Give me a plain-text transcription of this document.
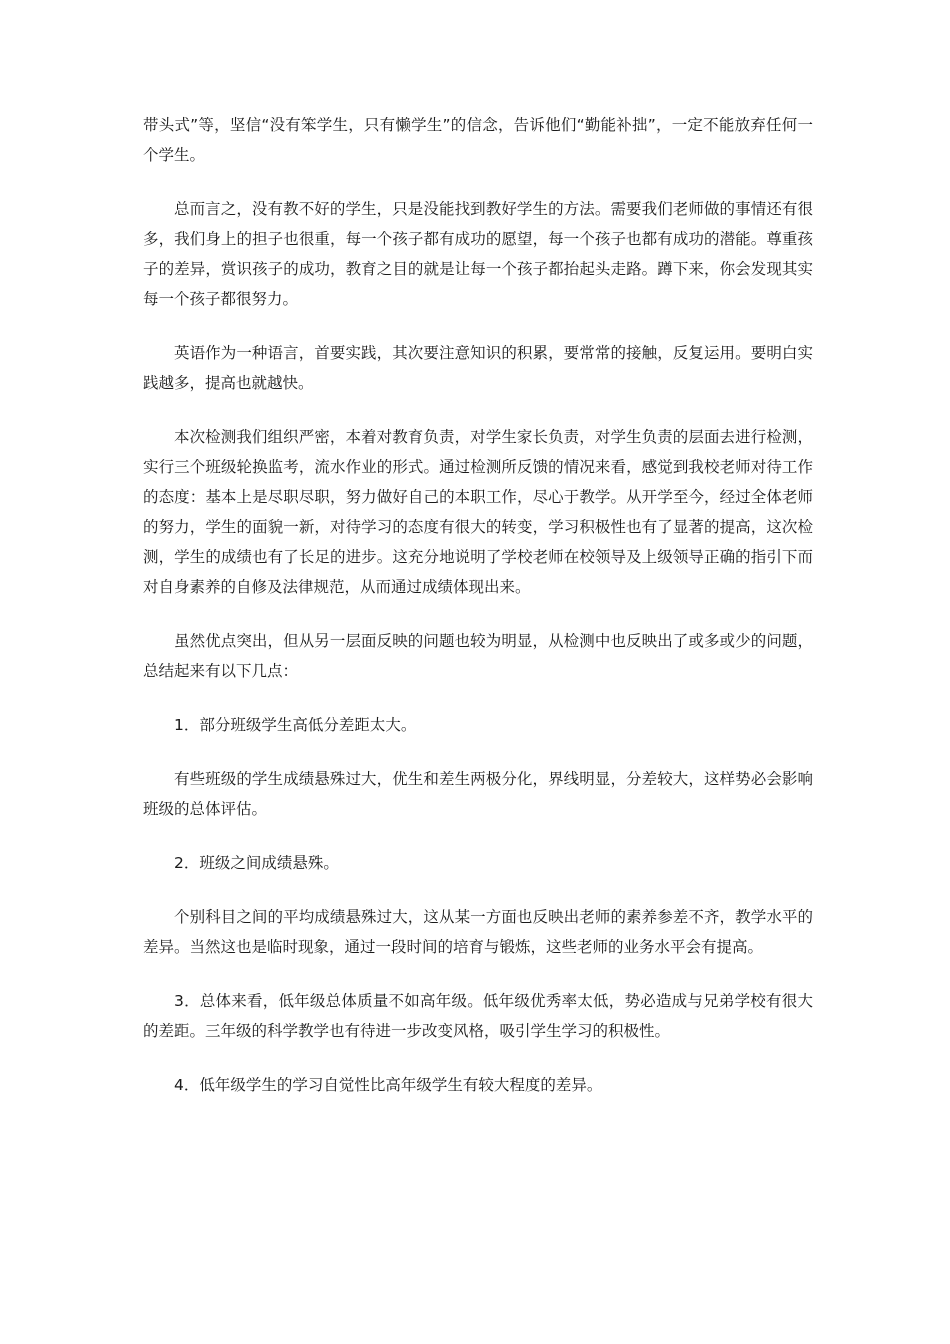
带头式”等，坚信“没有笨学生，只有懒学生”的信念，告诉他们“勤能补拙”，一定不能放弃任何一个学生。

总而言之，没有教不好的学生，只是没能找到教好学生的方法。需要我们老师做的事情还有很多，我们身上的担子也很重，每一个孩子都有成功的愿望，每一个孩子也都有成功的潜能。尊重孩子的差异，赏识孩子的成功，教育之目的就是让每一个孩子都抬起头走路。蹲下来，你会发现其实每一个孩子都很努力。

英语作为一种语言，首要实践，其次要注意知识的积累，要常常的接触，反复运用。要明白实践越多，提高也就越快。

本次检测我们组织严密，本着对教育负责，对学生家长负责，对学生负责的层面去进行检测，实行三个班级轮换监考，流水作业的形式。通过检测所反馈的情况来看，感觉到我校老师对待工作的态度：基本上是尽职尽职，努力做好自己的本职工作，尽心于教学。从开学至今，经过全体老师的努力，学生的面貌一新，对待学习的态度有很大的转变，学习积极性也有了显著的提高，这次检测，学生的成绩也有了长足的进步。这充分地说明了学校老师在校领导及上级领导正确的指引下而对自身素养的自修及法律规范，从而通过成绩体现出来。

虽然优点突出，但从另一层面反映的问题也较为明显，从检测中也反映出了或多或少的问题，总结起来有以下几点：

1．部分班级学生高低分差距太大。

有些班级的学生成绩悬殊过大，优生和差生两极分化，界线明显，分差较大，这样势必会影响班级的总体评估。

2．班级之间成绩悬殊。

个别科目之间的平均成绩悬殊过大，这从某一方面也反映出老师的素养参差不齐，教学水平的差异。当然这也是临时现象，通过一段时间的培育与锻炼，这些老师的业务水平会有提高。

3．总体来看，低年级总体质量不如高年级。低年级优秀率太低，势必造成与兄弟学校有很大的差距。三年级的科学教学也有待进一步改变风格，吸引学生学习的积极性。

4．低年级学生的学习自觉性比高年级学生有较大程度的差异。
